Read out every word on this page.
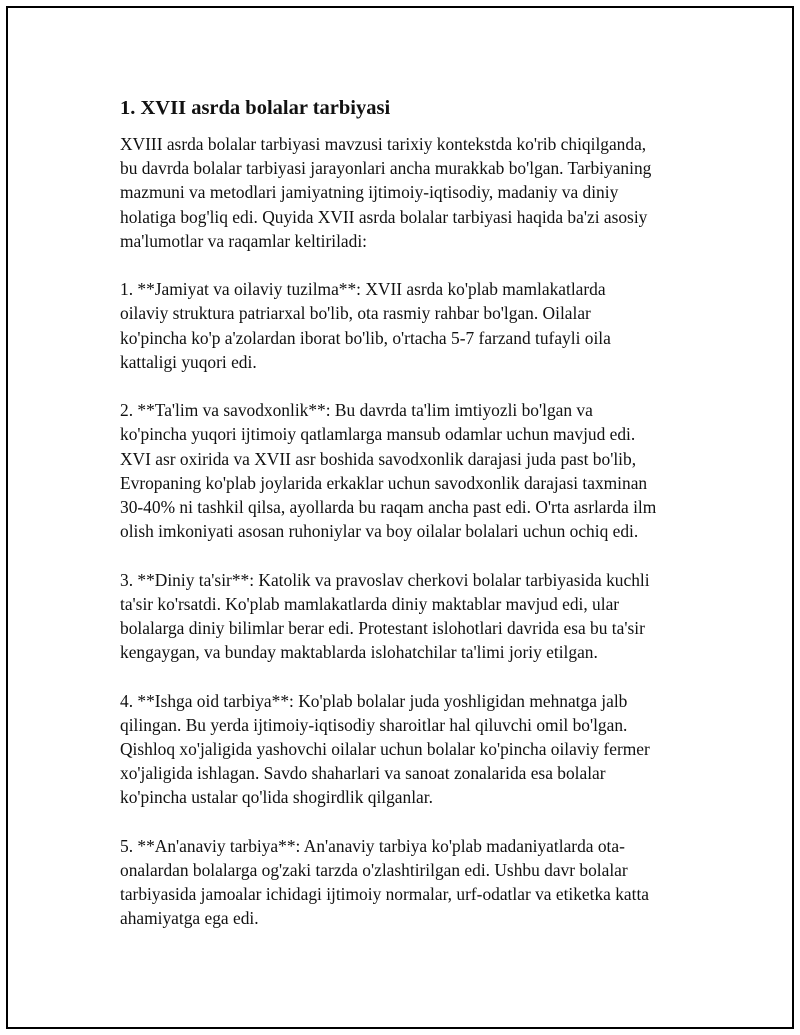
1. XVII asrda bolalar tarbiyasi
XVIII asrda bolalar tarbiyasi mavzusi tarixiy kontekstda ko'rib chiqilganda,
bu davrda bolalar tarbiyasi jarayonlari ancha murakkab bo'lgan. Tarbiyaning
mazmuni va metodlari jamiyatning ijtimoiy-iqtisodiy, madaniy va diniy
holatiga bog'liq edi. Quyida XVII asrda bolalar tarbiyasi haqida ba'zi asosiy
ma'lumotlar va raqamlar keltiriladi:
1. **Jamiyat va oilaviy tuzilma**: XVII asrda ko'plab mamlakatlarda
oilaviy struktura patriarxal bo'lib, ota rasmiy rahbar bo'lgan. Oilalar
ko'pincha ko'p a'zolardan iborat bo'lib, o'rtacha 5-7 farzand tufayli oila
kattaligi yuqori edi.
2. **Ta'lim va savodxonlik**: Bu davrda ta'lim imtiyozli bo'lgan va
ko'pincha yuqori ijtimoiy qatlamlarga mansub odamlar uchun mavjud edi.
XVI asr oxirida va XVII asr boshida savodxonlik darajasi juda past bo'lib,
Evropaning ko'plab joylarida erkaklar uchun savodxonlik darajasi taxminan
30-40% ni tashkil qilsa, ayollarda bu raqam ancha past edi. O'rta asrlarda ilm
olish imkoniyati asosan ruhoniylar va boy oilalar bolalari uchun ochiq edi.
3. **Diniy ta'sir**: Katolik va pravoslav cherkovi bolalar tarbiyasida kuchli
ta'sir ko'rsatdi. Ko'plab mamlakatlarda diniy maktablar mavjud edi, ular
bolalarga diniy bilimlar berar edi. Protestant islohotlari davrida esa bu ta'sir
kengaygan, va bunday maktablarda islohatchilar ta'limi joriy etilgan.
4. **Ishga oid tarbiya**: Ko'plab bolalar juda yoshligidan mehnatga jalb
qilingan. Bu yerda ijtimoiy-iqtisodiy sharoitlar hal qiluvchi omil bo'lgan.
Qishloq xo'jaligida yashovchi oilalar uchun bolalar ko'pincha oilaviy fermer
xo'jaligida ishlagan. Savdo shaharlari va sanoat zonalarida esa bolalar
ko'pincha ustalar qo'lida shogirdlik qilganlar.
5. **An'anaviy tarbiya**: An'anaviy tarbiya ko'plab madaniyatlarda ota-
onalardan bolalarga og'zaki tarzda o'zlashtirilgan edi. Ushbu davr bolalar
tarbiyasida jamoalar ichidagi ijtimoiy normalar, urf-odatlar va etiketka katta
ahamiyatga ega edi.
